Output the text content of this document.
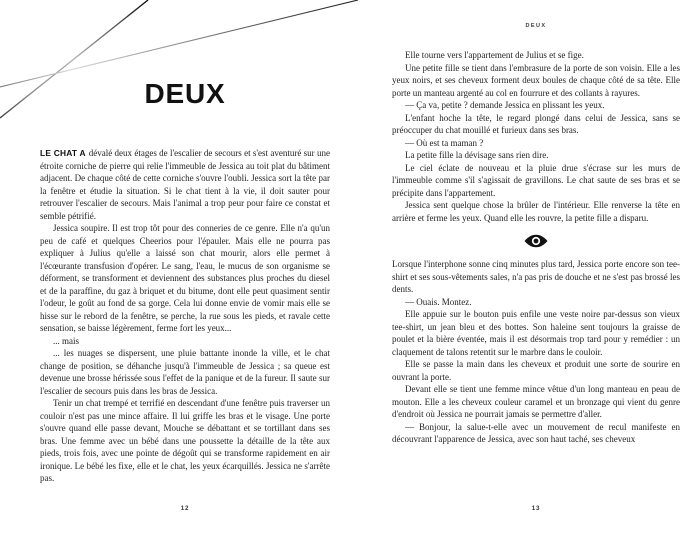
DEUX

LE CHAT A dévalé deux étages de l'escalier de secours et s'est aventuré sur une étroite corniche de pierre qui relie l'immeuble de Jessica au toit plat du bâtiment adjacent. De chaque côté de cette corniche s'ouvre l'oubli. Jessica sort la tête par la fenêtre et étudie la situation. Si le chat tient à la vie, il doit sauter pour retrouver l'escalier de secours. Mais l'animal a trop peur pour faire ce constat et semble pétrifié.

Jessica soupire. Il est trop tôt pour des conneries de ce genre. Elle n'a qu'un peu de café et quelques Cheerios pour l'épauler. Mais elle ne pourra pas expliquer à Julius qu'elle a laissé son chat mourir, alors elle permet à l'écœurante transfusion d'opérer. Le sang, l'eau, le mucus de son organisme se déforment, se transforment et deviennent des substances plus proches du diesel et de la paraffine, du gaz à briquet et du bitume, dont elle peut quasiment sentir l'odeur, le goût au fond de sa gorge. Cela lui donne envie de vomir mais elle se hisse sur le rebord de la fenêtre, se perche, la rue sous les pieds, et ravale cette sensation, se baisse légèrement, ferme fort les yeux...

... mais

... les nuages se dispersent, une pluie battante inonde la ville, et le chat change de position, se déhanche jusqu'à l'immeuble de Jessica ; sa queue est devenue une brosse hérissée sous l'effet de la panique et de la fureur. Il saute sur l'escalier de secours puis dans les bras de Jessica.

Tenir un chat trempé et terrifié en descendant d'une fenêtre puis traverser un couloir n'est pas une mince affaire. Il lui griffe les bras et le visage. Une porte s'ouvre quand elle passe devant, Mouche se débattant et se tortillant dans ses bras. Une femme avec un bébé dans une poussette la détaille de la tête aux pieds, trois fois, avec une pointe de dégoût qui se transforme rapidement en air ironique. Le bébé les fixe, elle et le chat, les yeux écarquillés. Jessica ne s'arrête pas.

12
DEUX

Elle tourne vers l'appartement de Julius et se fige.

Une petite fille se tient dans l'embrasure de la porte de son voisin. Elle a les yeux noirs, et ses cheveux forment deux boules de chaque côté de sa tête. Elle porte un manteau argenté au col en fourrure et des collants à rayures.

— Ça va, petite ? demande Jessica en plissant les yeux.

L'enfant hoche la tête, le regard plongé dans celui de Jessica, sans se préoccuper du chat mouillé et furieux dans ses bras.

— Où est ta maman ?

La petite fille la dévisage sans rien dire.

Le ciel éclate de nouveau et la pluie drue s'écrase sur les murs de l'immeuble comme s'il s'agissait de gravillons. Le chat saute de ses bras et se précipite dans l'appartement.

Jessica sent quelque chose la brûler de l'intérieur. Elle renverse la tête en arrière et ferme les yeux. Quand elle les rouvre, la petite fille a disparu.

Lorsque l'interphone sonne cinq minutes plus tard, Jessica porte encore son tee-shirt et ses sous-vêtements sales, n'a pas pris de douche et ne s'est pas brossé les dents.

— Ouais. Montez.

Elle appuie sur le bouton puis enfile une veste noire par-dessus son vieux tee-shirt, un jean bleu et des bottes. Son haleine sent toujours la graisse de poulet et la bière éventée, mais il est désormais trop tard pour y remédier : un claquement de talons retentit sur le marbre dans le couloir.

Elle se passe la main dans les cheveux et produit une sorte de sourire en ouvrant la porte.

Devant elle se tient une femme mince vêtue d'un long manteau en peau de mouton. Elle a les cheveux couleur caramel et un bronzage qui vient du genre d'endroit où Jessica ne pourrait jamais se permettre d'aller.

— Bonjour, la salue-t-elle avec un mouvement de recul manifeste en découvrant l'apparence de Jessica, avec son haut taché, ses cheveux

13
